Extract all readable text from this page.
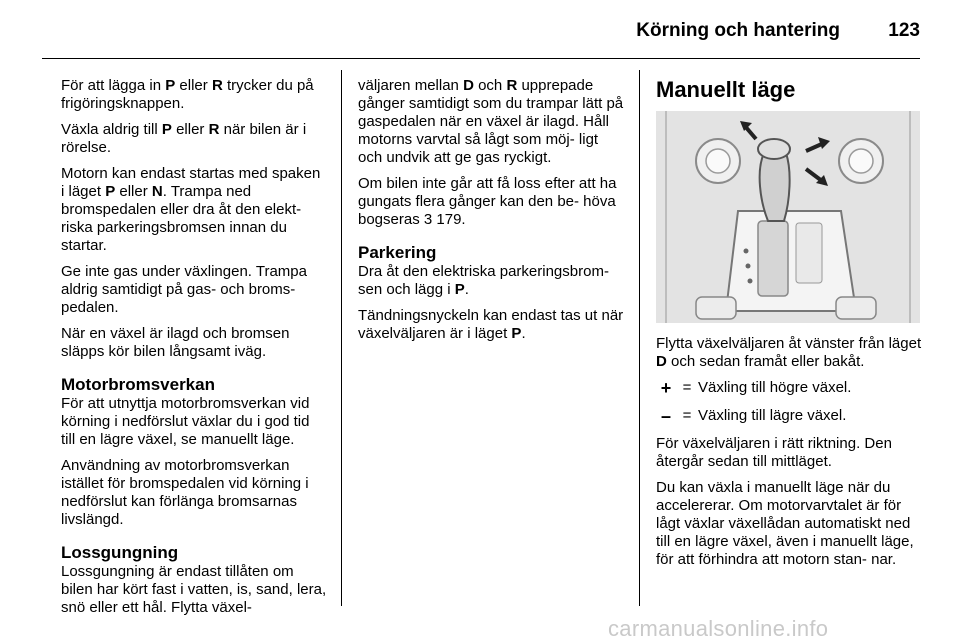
Körning och hantering	123

För att lägga in P eller R trycker du på frigöringsknappen.

Växla aldrig till P eller R när bilen är i rörelse.

Motorn kan endast startas med spaken i läget P eller N. Trampa ned bromspedalen eller dra åt den elekt- riska parkeringsbromsen innan du startar.

Ge inte gas under växlingen. Trampa aldrig samtidigt på gas- och broms- pedalen.

När en växel är ilagd och bromsen släpps kör bilen långsamt iväg.

Motorbromsverkan

För att utnyttja motorbromsverkan vid körning i nedförslut växlar du i god tid till en lägre växel, se manuellt läge.

Användning av motorbromsverkan istället för bromspedalen vid körning i nedförslut kan förlänga bromsarnas livslängd.

Lossgungning

Lossgungning är endast tillåten om bilen har kört fast i vatten, is, sand, lera, snö eller ett hål. Flytta växel-

väljaren mellan D och R upprepade gånger samtidigt som du trampar lätt på gaspedalen när en växel är ilagd. Håll motorns varvtal så lågt som möj- ligt och undvik att ge gas ryckigt.

Om bilen inte går att få loss efter att ha gungats flera gånger kan den be- höva bogseras 3 179.

Parkering

Dra åt den elektriska parkeringsbrom- sen och lägg i P.

Tändningsnyckeln kan endast tas ut när växelväljaren är i läget P.

Manuellt läge

Flytta växelväljaren åt vänster från läget D och sedan framåt eller bakåt.

+ = Växling till högre växel.
– = Växling till lägre växel.

För växelväljaren i rätt riktning. Den återgår sedan till mittläget.

Du kan växla i manuellt läge när du accelererar. Om motorvarvtalet är för lågt växlar växellådan automatiskt ned till en lägre växel, även i manuellt läge, för att förhindra att motorn stan- nar.

carmanualsonline.info
